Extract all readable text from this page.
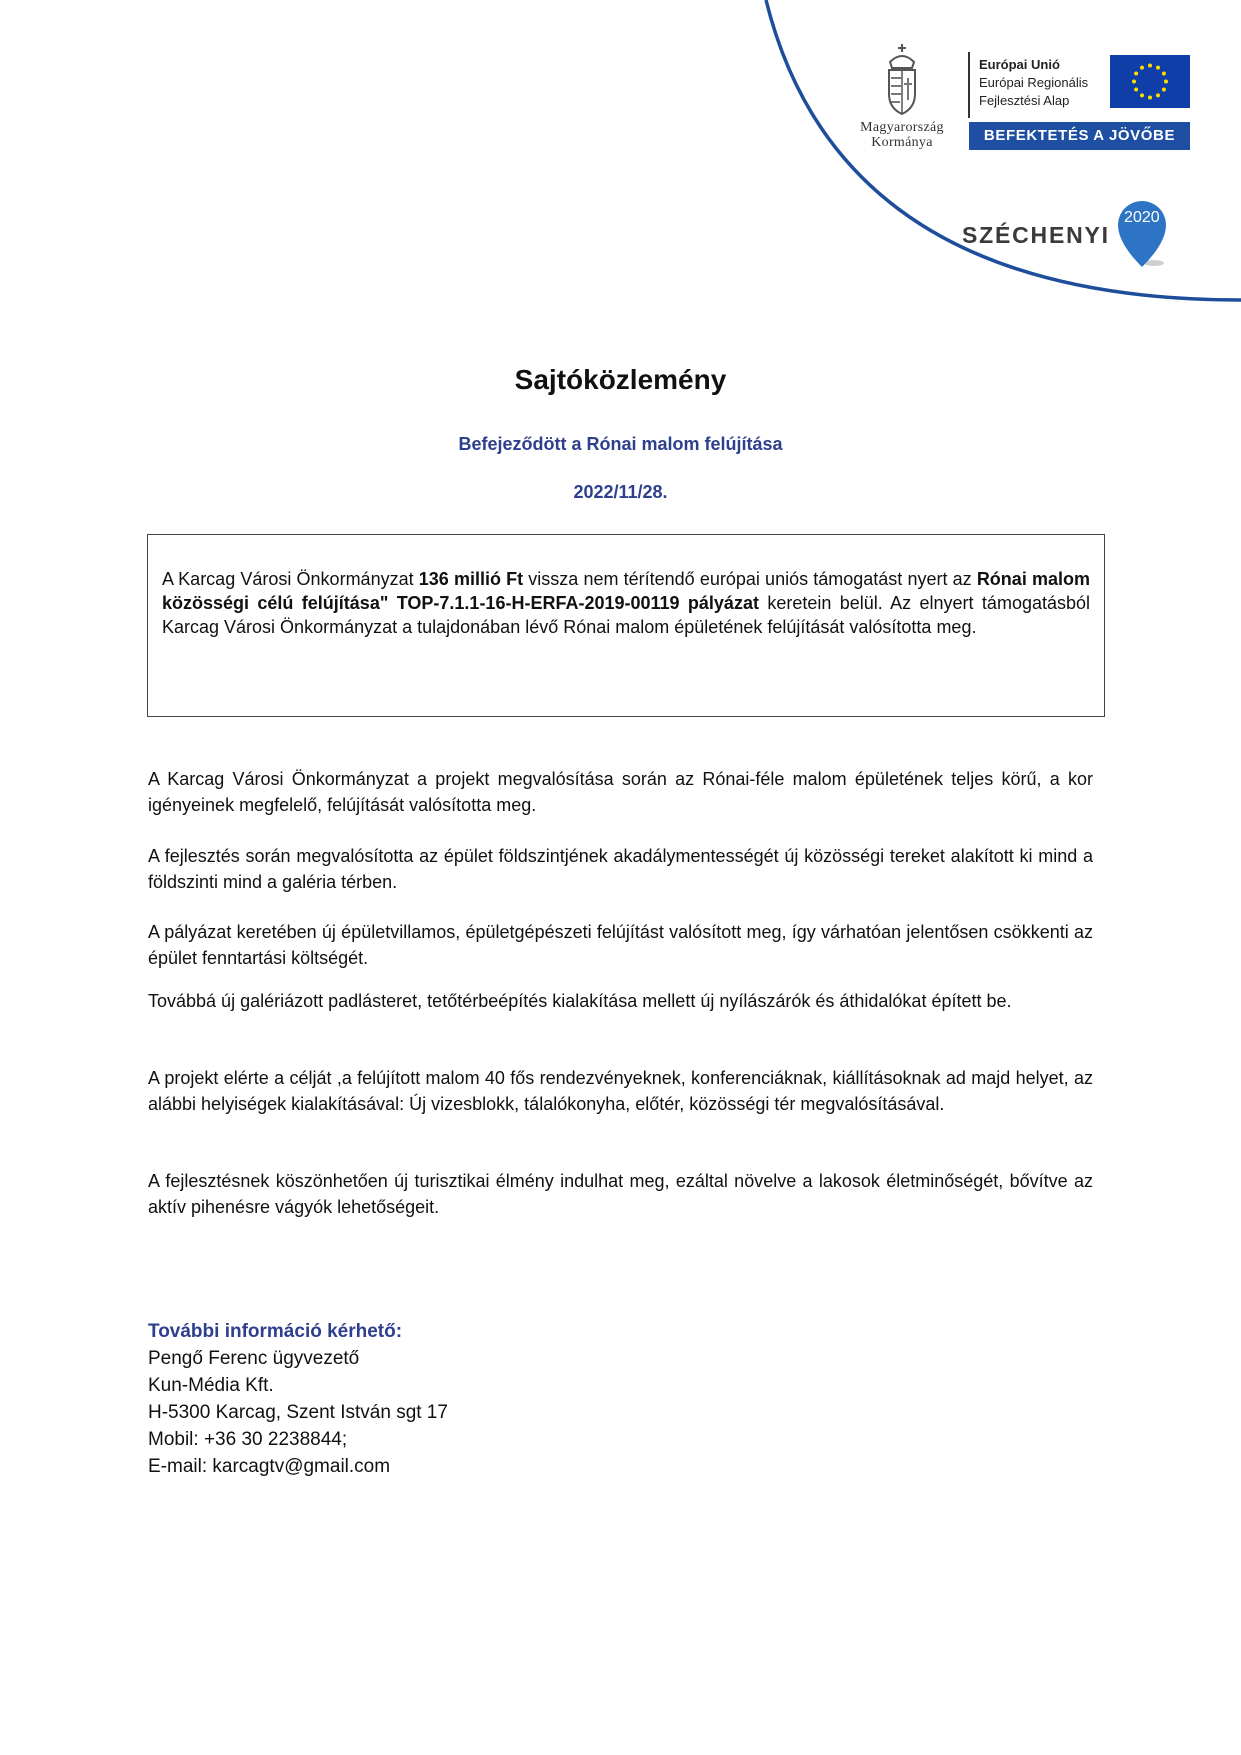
Magyarország
Kormánya
Európai Unió
Európai Regionális
Fejlesztési Alap
BEFEKTETÉS A JÖVŐBE
SZÉCHENYI
2020
Sajtóközlemény
Befejeződött a Rónai malom felújítása
2022/11/28.
A Karcag Városi Önkormányzat 136 millió Ft vissza nem térítendő európai uniós támogatást nyert az Rónai malom közösségi célú felújítása" TOP-7.1.1-16-H-ERFA-2019-00119 pályázat keretein belül. Az elnyert támogatásból Karcag Városi Önkormányzat a tulajdonában lévő Rónai malom épületének felújítását valósította meg.

A Karcag Városi Önkormányzat a projekt megvalósítása során az Rónai-féle malom épületének teljes körű, a kor igényeinek megfelelő, felújítását valósította meg.

A fejlesztés során megvalósította az épület földszintjének akadálymentességét új közösségi tereket alakított ki mind a földszinti mind a galéria térben.

A pályázat keretében új épületvillamos, épületgépészeti felújítást valósított meg, így várhatóan jelentősen csökkenti az épület fenntartási költségét.

Továbbá új galériázott padlásteret, tetőtérbeépítés kialakítása mellett új nyílászárók és áthidalókat épített be.

A projekt elérte a célját ,a felújított malom 40 fős rendezvényeknek, konferenciáknak, kiállításoknak ad majd helyet, az alábbi helyiségek kialakításával: Új vizesblokk, tálalókonyha, előtér, közösségi tér megvalósításával.

A fejlesztésnek köszönhetően új turisztikai élmény indulhat meg, ezáltal növelve a lakosok életminőségét, bővítve az aktív pihenésre vágyók lehetőségeit.

További információ kérhető:
Pengő Ferenc ügyvezető
Kun-Média Kft.
H-5300 Karcag, Szent István sgt 17
Mobil: +36 30 2238844;
E-mail: karcagtv@gmail.com
